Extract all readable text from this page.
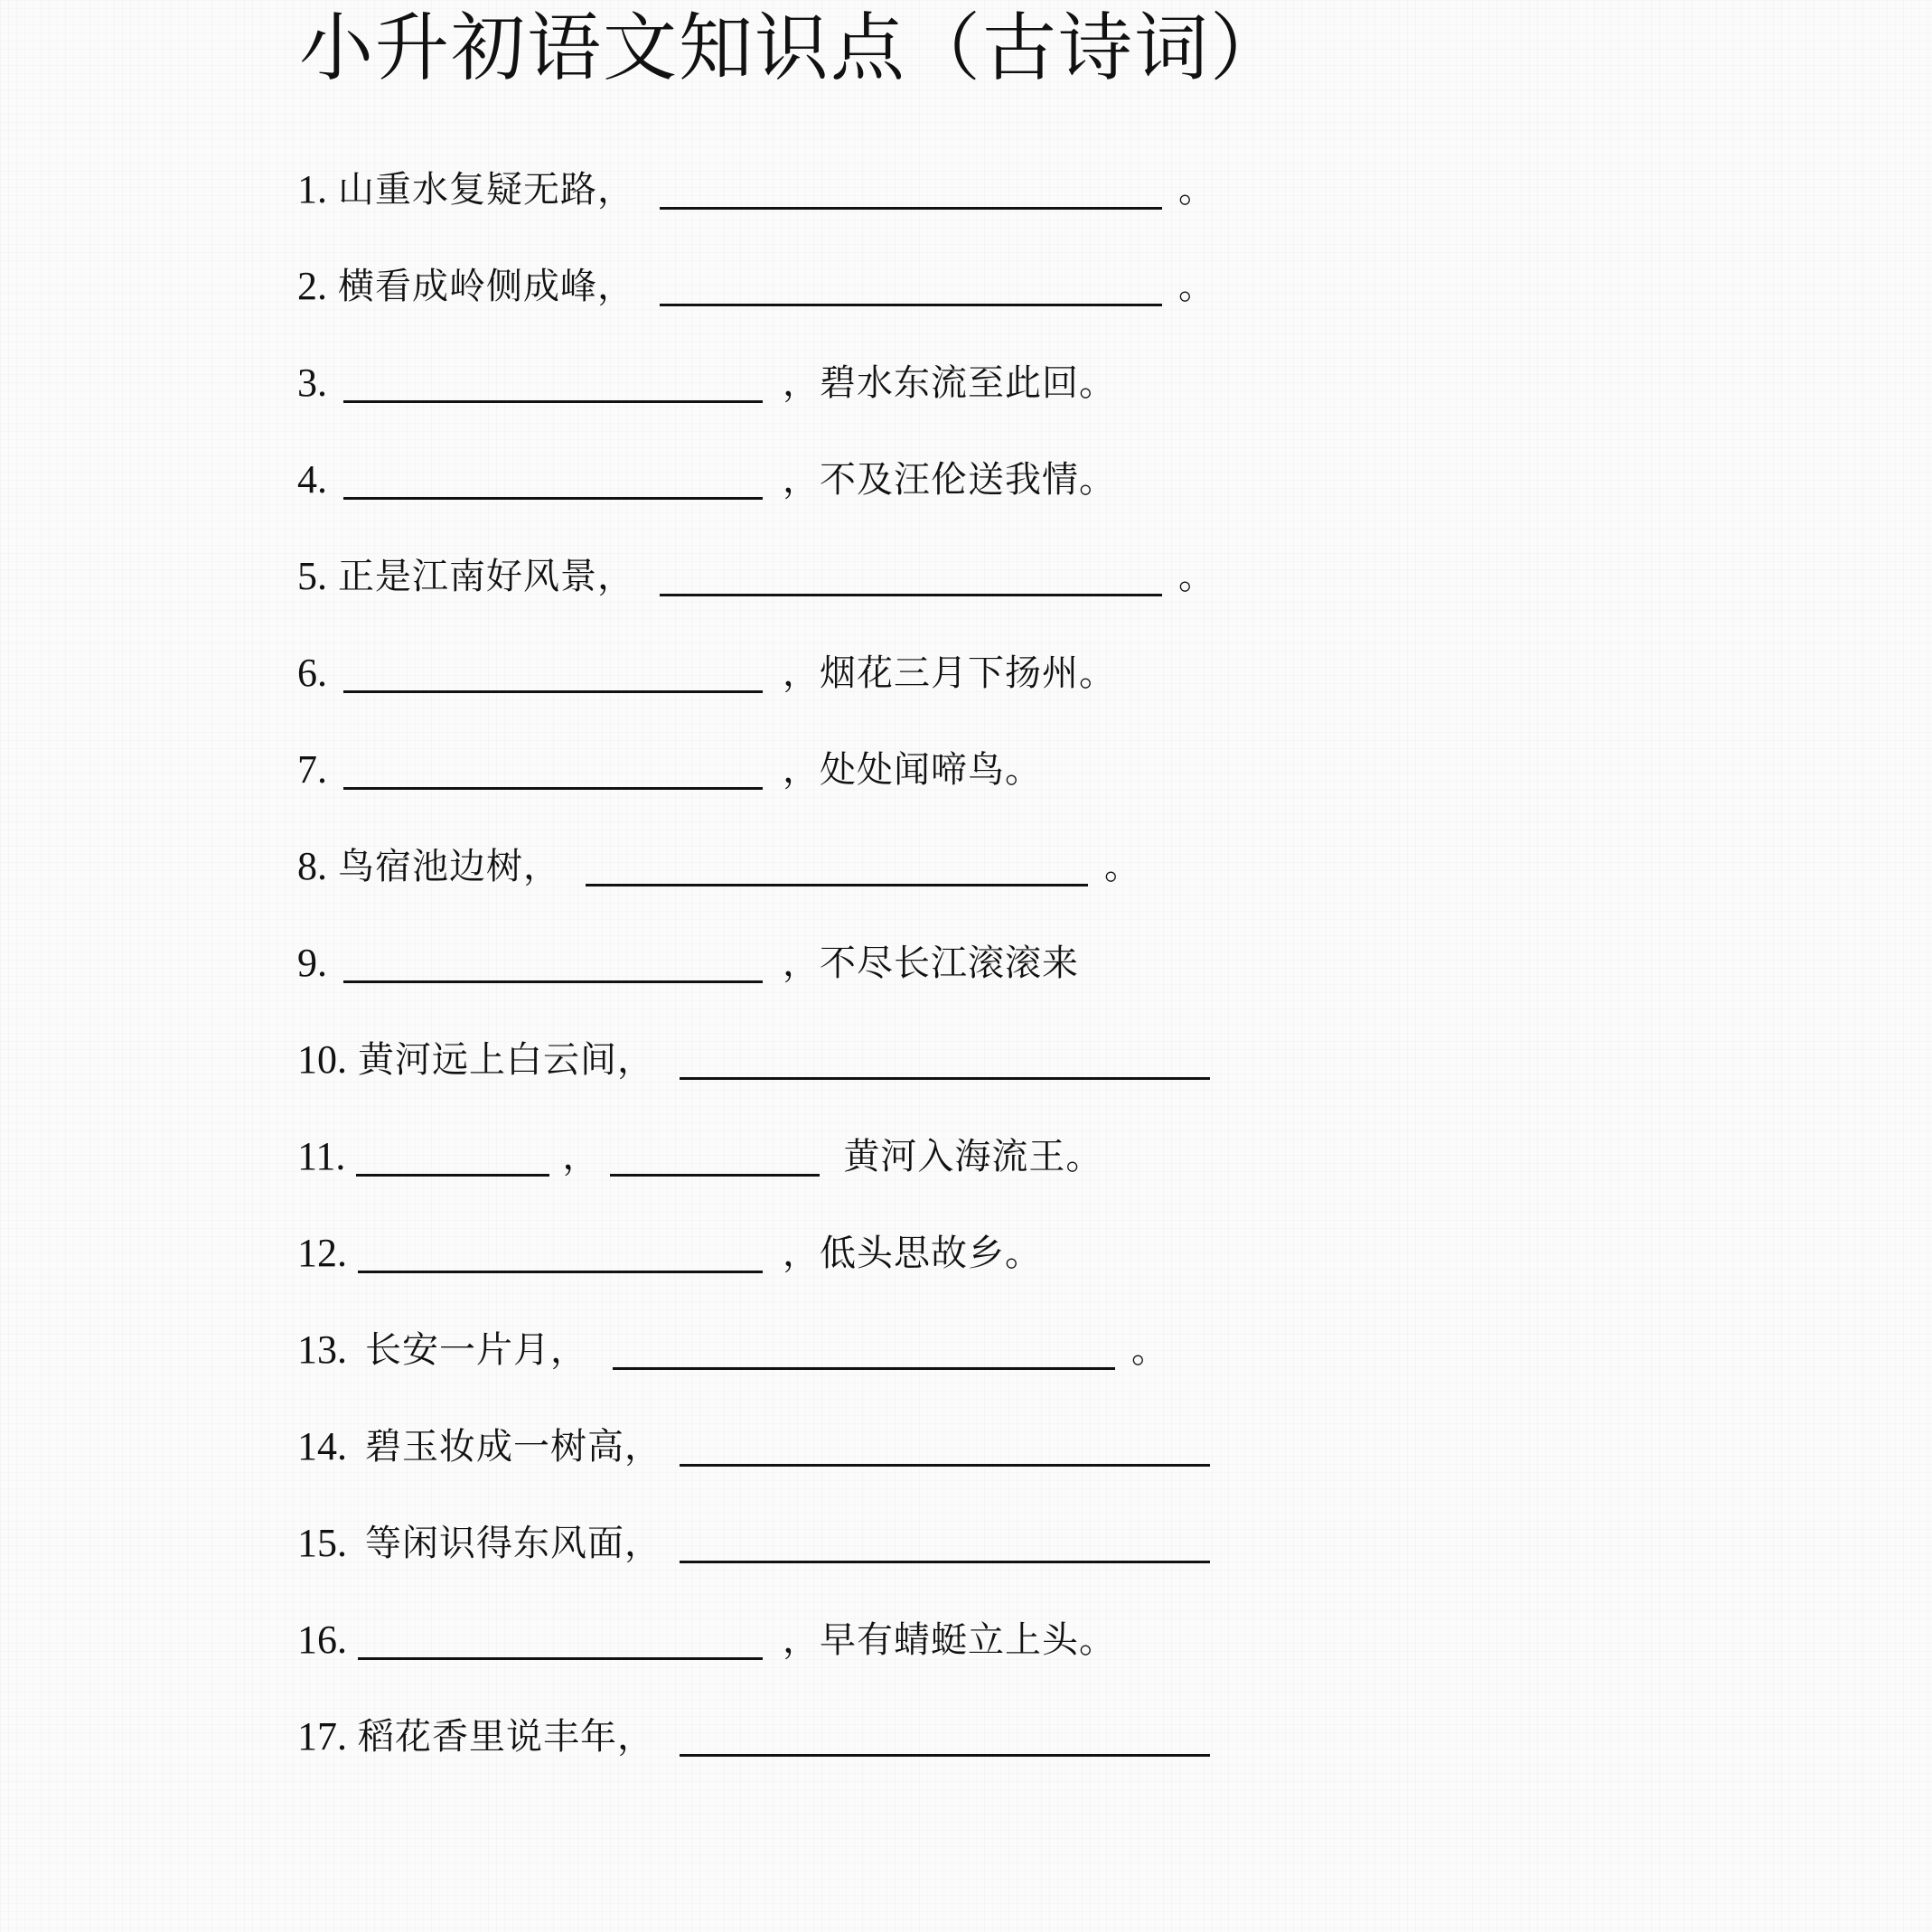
小升初语文知识点（古诗词）
1. 山重水复疑无路，	。
2. 横看成岭侧成峰，	。
3.	，碧水东流至此回。
4.	，不及汪伦送我情。
5. 正是江南好风景，	。
6.	，烟花三月下扬州。
7.	，处处闻啼鸟。
8. 鸟宿池边树，	。
9.	，不尽长江滚滚来
10. 黄河远上白云间，
11.	，	黄河入海流王。
12.	，低头思故乡。
13. 长安一片月，	。
14. 碧玉妆成一树高，
15. 等闲识得东风面，
16.	，早有蜻蜓立上头。
17. 稻花香里说丰年，
